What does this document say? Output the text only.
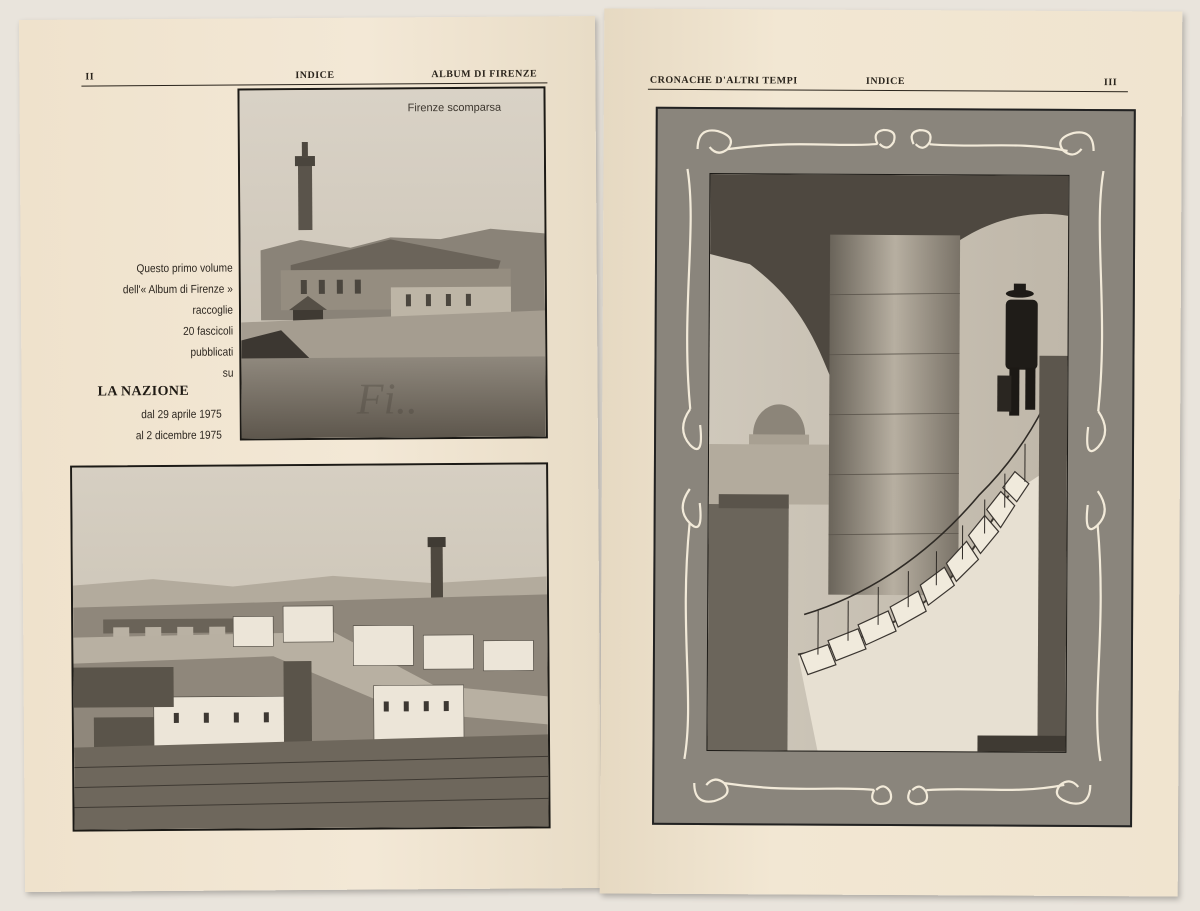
II	INDICE	ALBUM DI FIRENZE
Fi..
Firenze scomparsa
Questo primo volume
dell'« Album di Firenze »
raccoglie
20 fascicoli
pubblicati
su
LA NAZIONE
dal 29 aprile 1975
al 2 dicembre 1975
CRONACHE D'ALTRI TEMPI	INDICE	III
